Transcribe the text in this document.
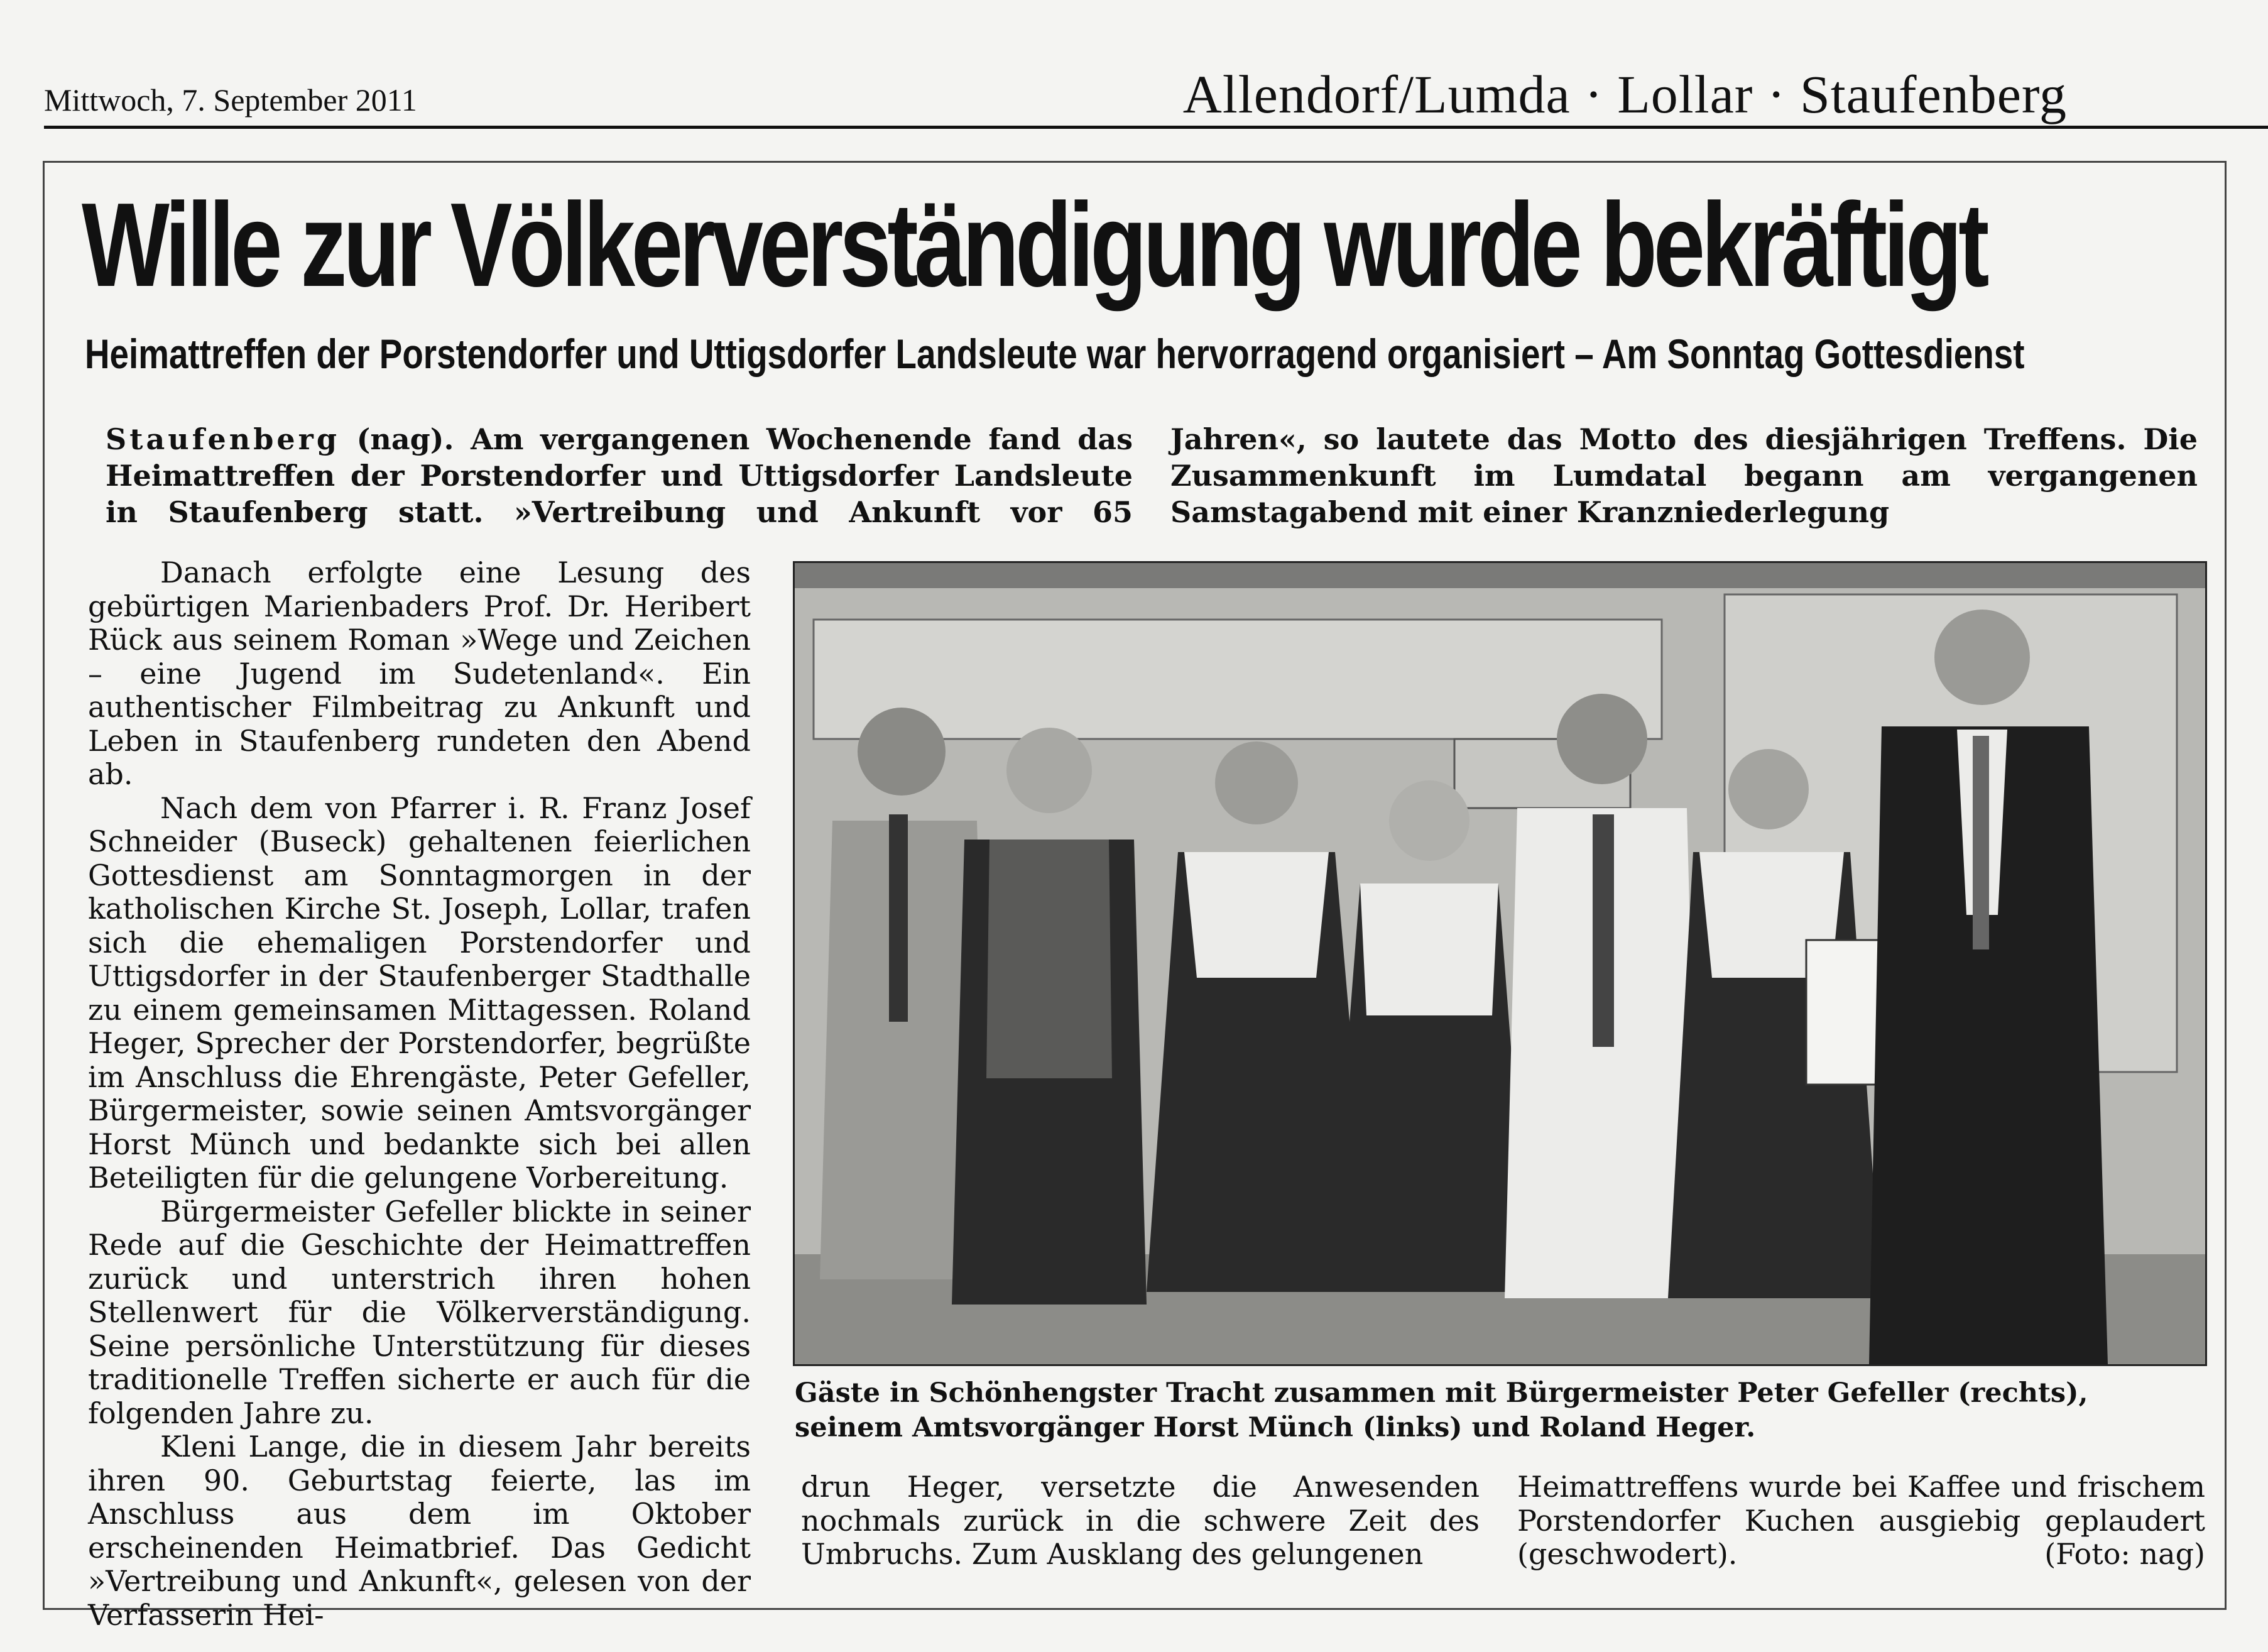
Mittwoch, 7. September 2011	Allendorf/Lumda · Lollar · Staufenberg
Wille zur Völkerverständigung wurde bekräftigt
Heimattreffen der Porstendorfer und Uttigsdorfer Landsleute war hervorragend organisiert – Am Sonntag Gottesdienst
Staufenberg (nag). Am vergangenen Wochenende fand das Heimattreffen der Porstendorfer und Uttigsdorfer Landsleute in Staufenberg statt. »Vertreibung und Ankunft vor 65 Jahren«, so lautete das Motto des diesjährigen Treffens. Die Zusammenkunft im Lumdatal begann am vergangenen Samstagabend mit einer Kranzniederlegung

Danach erfolgte eine Lesung des gebürtigen Marienbaders Prof. Dr. Heribert Rück aus seinem Roman »Wege und Zeichen – eine Jugend im Sudetenland«. Ein authentischer Filmbeitrag zu Ankunft und Leben in Staufenberg rundeten den Abend ab.

Nach dem von Pfarrer i. R. Franz Josef Schneider (Buseck) gehaltenen feierlichen Gottesdienst am Sonntagmorgen in der katholischen Kirche St. Joseph, Lollar, trafen sich die ehemaligen Porstendorfer und Uttigsdorfer in der Staufenberger Stadthalle zu einem gemeinsamen Mittagessen. Roland Heger, Sprecher der Porstendorfer, begrüßte im Anschluss die Ehrengäste, Peter Gefeller, Bürgermeister, sowie seinen Amtsvorgänger Horst Münch und bedankte sich bei allen Beteiligten für die gelungene Vorbereitung.

Bürgermeister Gefeller blickte in seiner Rede auf die Geschichte der Heimattreffen zurück und unterstrich ihren hohen Stellenwert für die Völkerverständigung. Seine persönliche Unterstützung für dieses traditionelle Treffen sicherte er auch für die folgenden Jahre zu.

Kleni Lange, die in diesem Jahr bereits ihren 90. Geburtstag feierte, las im Anschluss aus dem im Oktober erscheinenden Heimatbrief. Das Gedicht »Vertreibung und Ankunft«, gelesen von der Verfasserin Hei-

Gäste in Schönhengster Tracht zusammen mit Bürgermeister Peter Gefeller (rechts), seinem Amtsvorgänger Horst Münch (links) und Roland Heger.

drun Heger, versetzte die Anwesenden nochmals zurück in die schwere Zeit des Umbruchs. Zum Ausklang des gelungenen

Heimattreffens wurde bei Kaffee und frischem Porstendorfer Kuchen ausgiebig geplaudert (geschwodert).	(Foto: nag)
